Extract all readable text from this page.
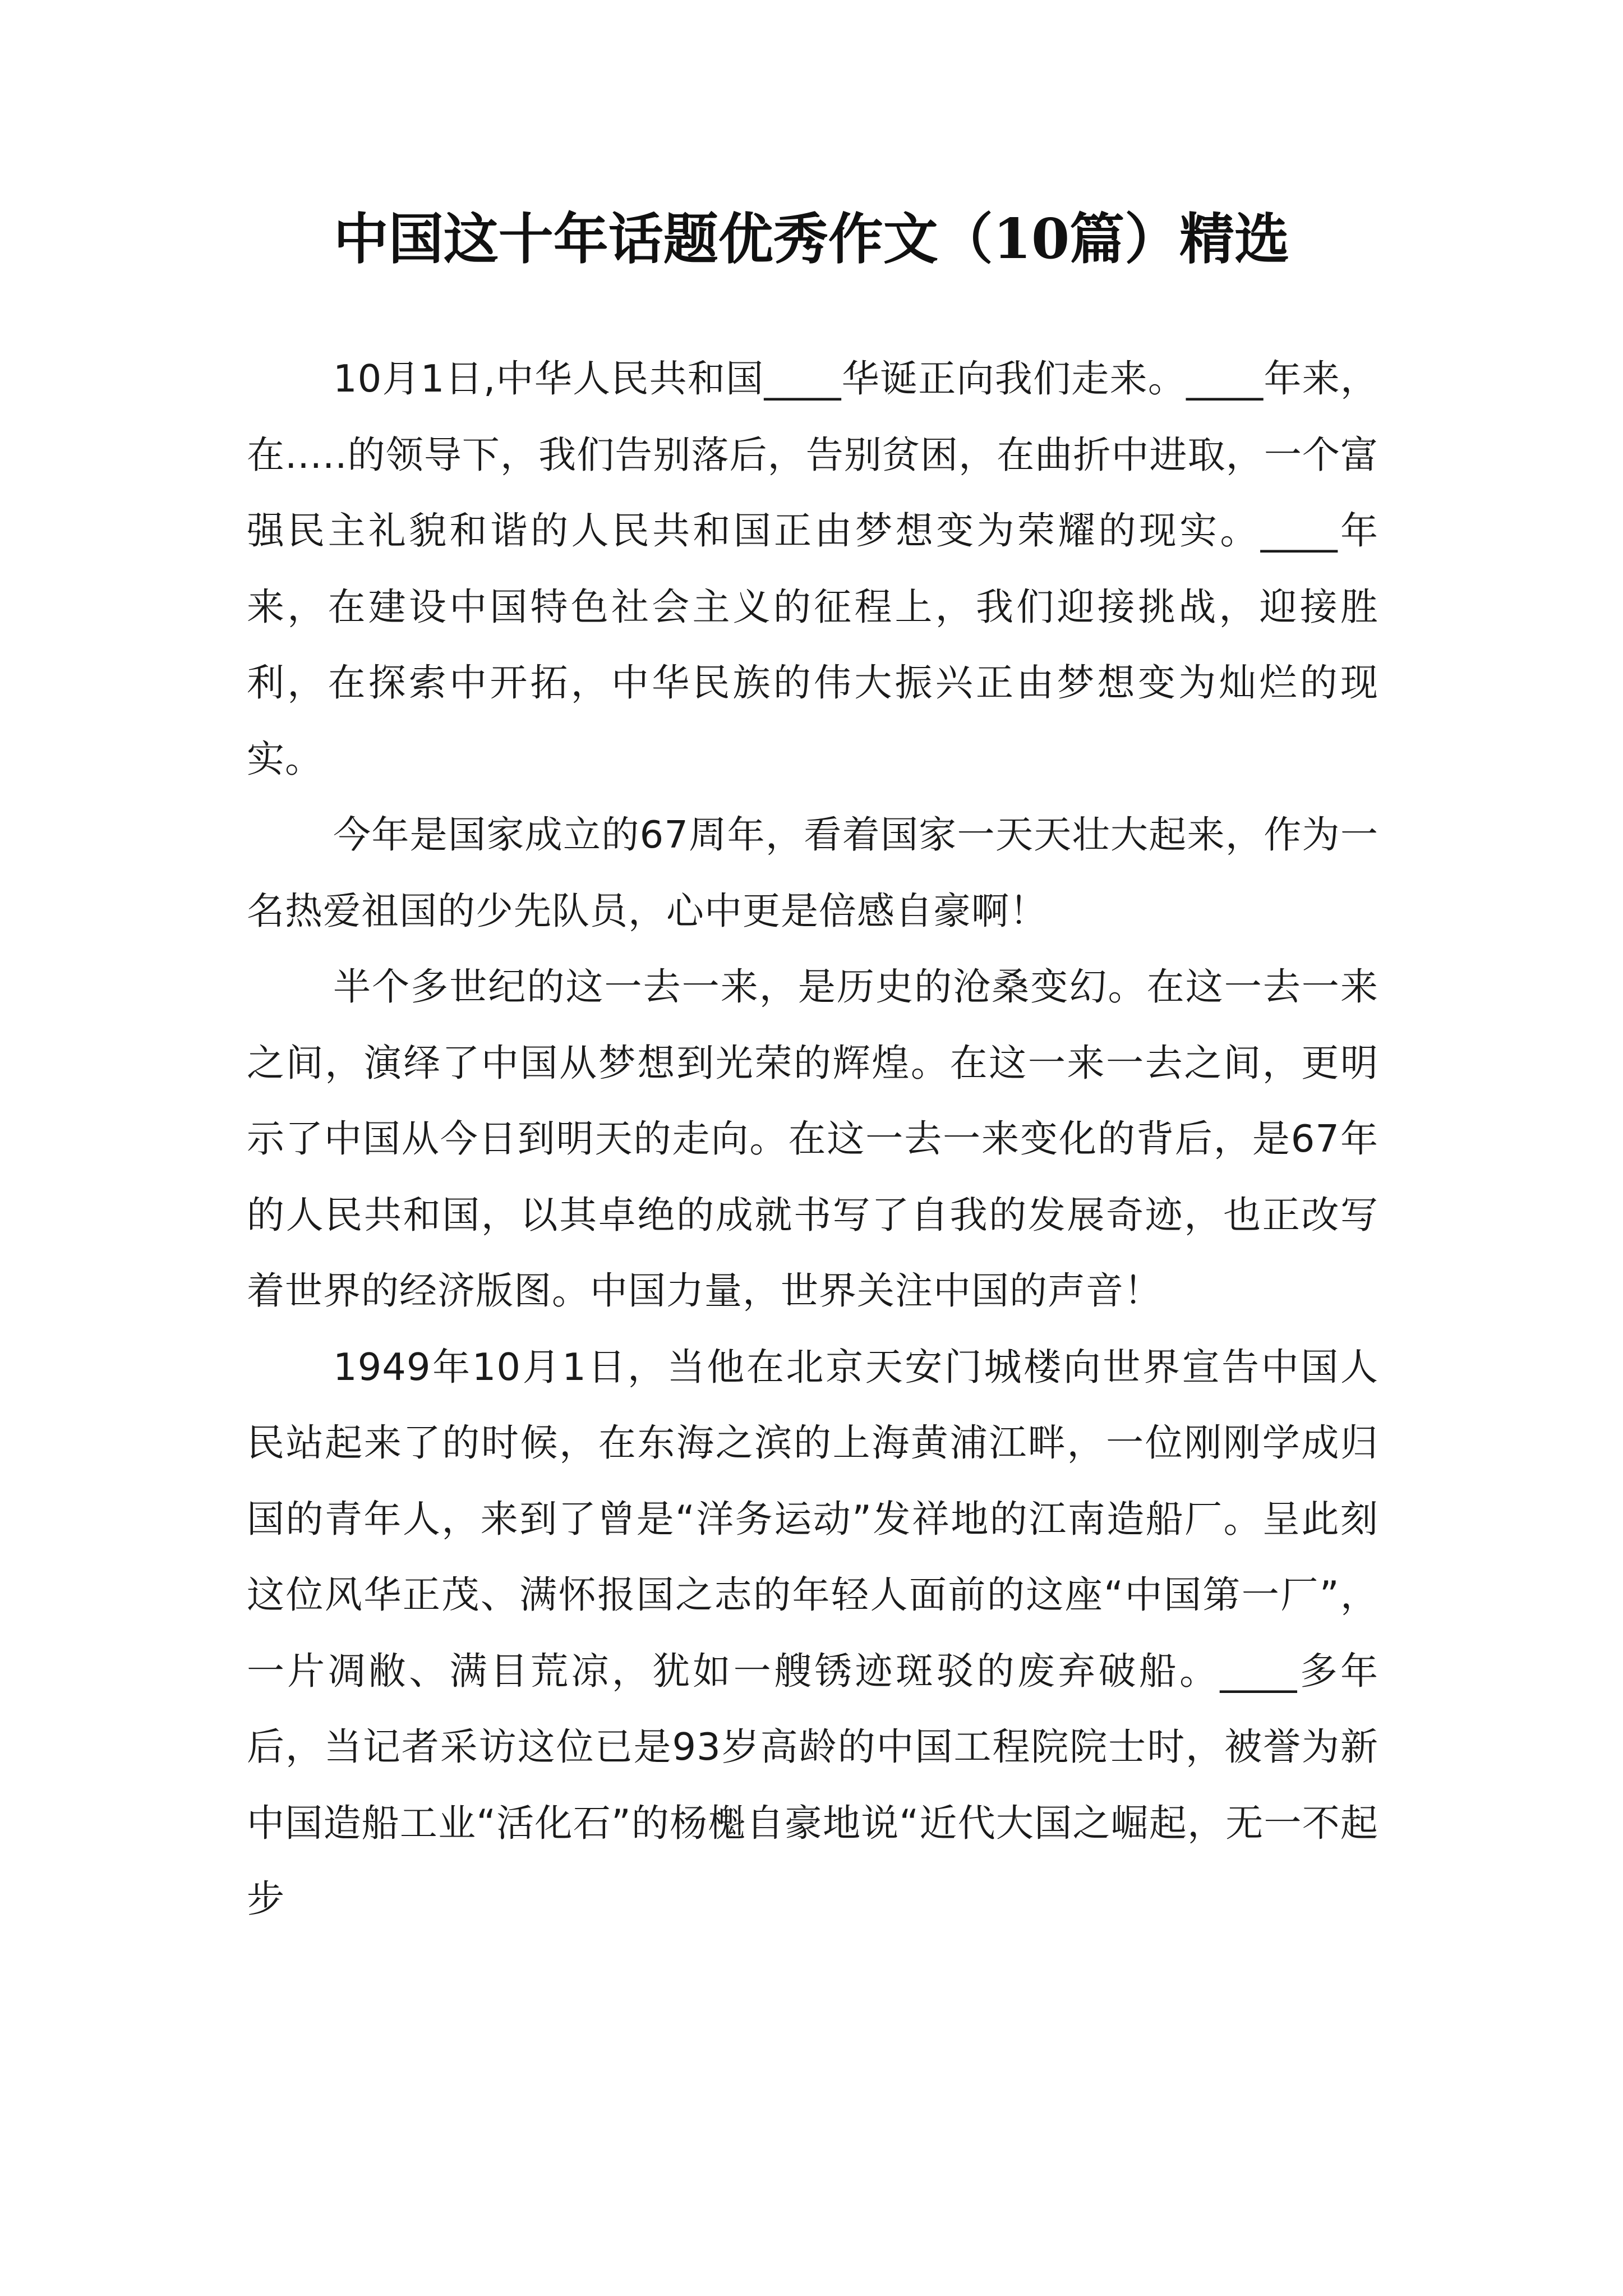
中国这十年话题优秀作文（10篇）精选

10月1日,中华人民共和国____华诞正向我们走来。____年来，在.....的领导下，我们告别落后，告别贫困，在曲折中进取，一个富强民主礼貌和谐的人民共和国正由梦想变为荣耀的现实。____年来，在建设中国特色社会主义的征程上，我们迎接挑战，迎接胜利，在探索中开拓，中华民族的伟大振兴正由梦想变为灿烂的现实。

今年是国家成立的67周年，看着国家一天天壮大起来，作为一名热爱祖国的少先队员，心中更是倍感自豪啊！

半个多世纪的这一去一来，是历史的沧桑变幻。在这一去一来之间，演绎了中国从梦想到光荣的辉煌。在这一来一去之间，更明示了中国从今日到明天的走向。在这一去一来变化的背后，是67年的人民共和国，以其卓绝的成就书写了自我的发展奇迹，也正改写着世界的经济版图。中国力量，世界关注中国的声音！

1949年10月1日，当他在北京天安门城楼向世界宣告中国人民站起来了的时候，在东海之滨的上海黄浦江畔，一位刚刚学成归国的青年人，来到了曾是“洋务运动”发祥地的江南造船厂。呈此刻这位风华正茂、满怀报国之志的年轻人面前的这座“中国第一厂”，一片凋敝、满目荒凉，犹如一艘锈迹斑驳的废弃破船。____多年后，当记者采访这位已是93岁高龄的中国工程院院士时，被誉为新中国造船工业“活化石”的杨櫆自豪地说“近代大国之崛起，无一不起步
